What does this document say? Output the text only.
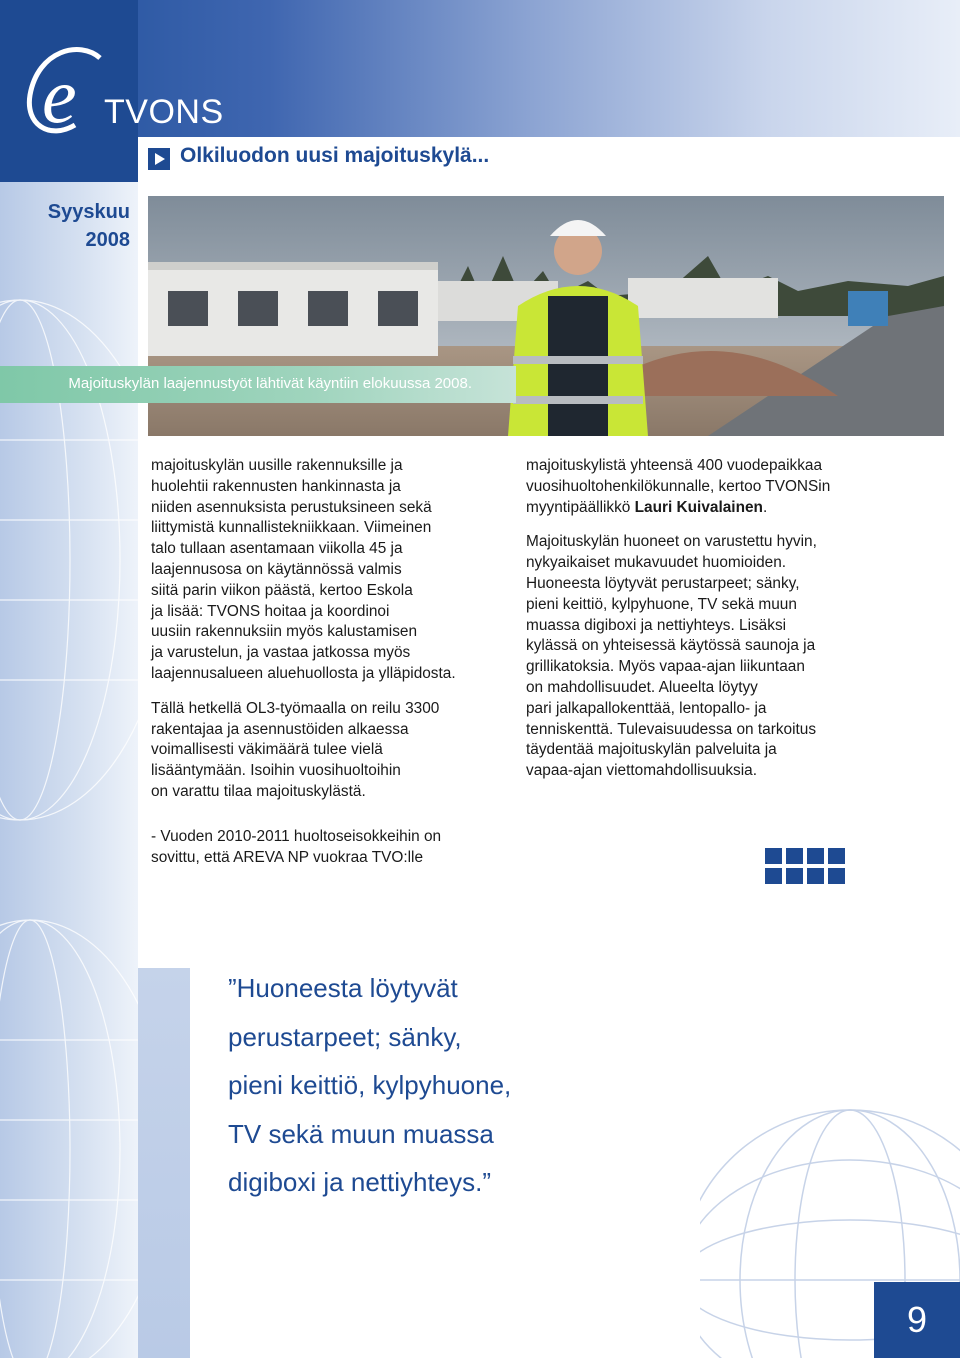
e TVONS
Olkiluodon uusi majoituskylä...
Syyskuu
2008
Majoituskylän laajennustyöt lähtivät käyntiin elokuussa 2008.

majoituskylän uusille rakennuksille ja
huolehtii rakennusten hankinnasta ja
niiden asennuksista perustuksineen sekä
liittymistä kunnallistekniikkaan. Viimeinen
talo tullaan asentamaan viikolla 45 ja
laajennusosa on käytännössä valmis
siitä parin viikon päästä, kertoo Eskola
ja lisää: TVONS hoitaa ja koordinoi
uusiin rakennuksiin myös kalustamisen
ja varustelun, ja vastaa jatkossa myös
laajennusalueen aluehuollosta ja ylläpidosta.

Tällä hetkellä OL3-työmaalla on reilu 3300
rakentajaa ja asennustöiden alkaessa
voimallisesti väkimäärä tulee vielä
lisääntymään. Isoihin vuosihuoltoihin
on varattu tilaa majoituskylästä.

- Vuoden 2010-2011 huoltoseisokkeihin on
sovittu, että AREVA NP vuokraa TVO:lle

majoituskylistä yhteensä 400 vuodepaikkaa
vuosihuoltohenkilökunnalle, kertoo TVONSin
myyntipäällikkö Lauri Kuivalainen.

Majoituskylän huoneet on varustettu hyvin,
nykyaikaiset mukavuudet huomioiden.
Huoneesta löytyvät perustarpeet; sänky,
pieni keittiö, kylpyhuone, TV sekä muun
muassa digiboxi ja nettiyhteys. Lisäksi
kylässä on yhteisessä käytössä saunoja ja
grillikatoksia. Myös vapaa-ajan liikuntaan
on mahdollisuudet. Alueelta löytyy
pari jalkapallokenttää, lentopallo- ja
tenniskenttä. Tulevaisuudessa on tarkoitus
täydentää majoituskylän palveluita ja
vapaa-ajan viettomahdollisuuksia.

”Huoneesta löytyvät
perustarpeet; sänky,
pieni keittiö, kylpyhuone,
TV sekä muun muassa
digiboxi ja nettiyhteys.”
9
